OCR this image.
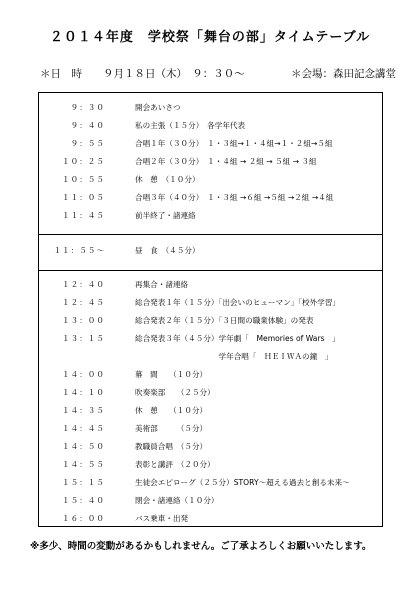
２０１４年度　学校祭「舞台の部」タイムテーブル
＊日　時　　９月１８日（木）　９：３０～	＊会場：森田記念講堂
９：３０	開会あいさつ
９：４０	私の主張（１５分）　各学年代表
９：５５	合唱１年（３０分）　１・３組→１・４組→１・２組→５組
１０：２５	合唱２年（３０分）　１・４組 → ２組 → ５組 → ３組
１０：５５	休　憩　（１０分）
１１：０５	合唱３年（４０分）　１・３組 →６組 →５組 →２組 →４組
１１：４５	前半終了・諸連絡
１１：５５～	昼　食　（４５分）
１２：４０	再集合・諸連絡
１２：４５	総合発表１年（１５分）「出会いのヒューマン」「校外学習」
１３：００	総合発表２年（１５分）「３日間の職業体験」の発表
１３：１５	総合発表３年（４５分）学年劇「　Memories of Wars　」
　　　　　　　　　　　学年合唱「　ＨＥＩＷＡの鐘　」
１４：００	幕　間　　（１０分）
１４：１０	吹奏楽部　　（２５分）
１４：３５	休　憩　　（１０分）
１４：４５	美術部　　　（５分）
１４：５０	教職員合唱　（５分）
１４：５５	表彰と講評　（２０分）
１５：１５	生徒会エピローグ（２５分）STORY～超える過去と創る未来～
１５：４０	閉会・諸連絡（１０分）
１６：００	バス乗車・出発
※多少、時間の変動があるかもしれません。ご了承よろしくお願いいたします。
